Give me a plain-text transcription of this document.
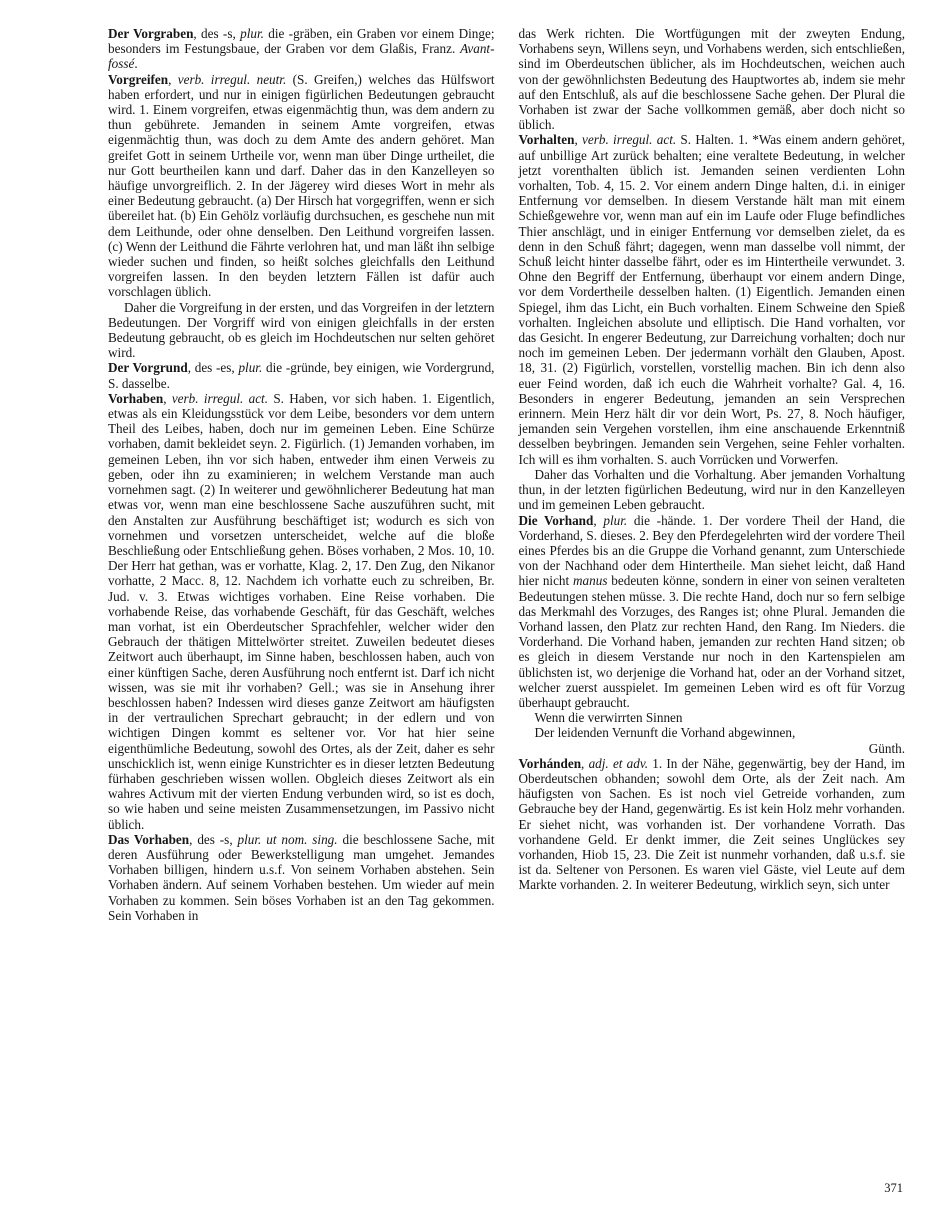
Der Vorgraben, des -s, plur. die -gräben, ein Graben vor einem Dinge; besonders im Festungsbaue, der Graben vor dem Glaßis, Franz. Avant-fossé.

Vorgreifen, verb. irregul. neutr. (S. Greifen,) welches das Hülfswort haben erfordert, und nur in einigen figürlichen Bedeutungen gebraucht wird. 1. Einem vorgreifen, etwas eigenmächtig thun, was dem andern zu thun gebührete. Jemanden in seinem Amte vorgreifen, etwas eigenmächtig thun, was doch zu dem Amte des andern gehöret. Man greifet Gott in seinem Urtheile vor, wenn man über Dinge urtheilet, die nur Gott beurtheilen kann und darf. Daher das in den Kanzelleyen so häufige unvorgreiflich. 2. In der Jägerey wird dieses Wort in mehr als einer Bedeutung gebraucht. (a) Der Hirsch hat vorgegriffen, wenn er sich übereilet hat. (b) Ein Gehölz vorläufig durchsuchen, es geschehe nun mit dem Leithunde, oder ohne denselben. Den Leithund vorgreifen lassen. (c) Wenn der Leithund die Fährte verlohren hat, und man läßt ihn selbige wieder suchen und finden, so heißt solches gleichfalls den Leithund vorgreifen lassen. In den beyden letztern Fällen ist dafür auch vorschlagen üblich.

Daher die Vorgreifung in der ersten, und das Vorgreifen in der letztern Bedeutungen. Der Vorgriff wird von einigen gleichfalls in der ersten Bedeutung gebraucht, ob es gleich im Hochdeutschen nur selten gehöret wird.

Der Vorgrund, des -es, plur. die -gründe, bey einigen, wie Vordergrund, S. dasselbe.

Vorhaben, verb. irregul. act. S. Haben, vor sich haben. 1. Eigentlich, etwas als ein Kleidungsstück vor dem Leibe, besonders vor dem untern Theil des Leibes, haben, doch nur im gemeinen Leben. Eine Schürze vorhaben, damit bekleidet seyn. 2. Figürlich. (1) Jemanden vorhaben, im gemeinen Leben, ihn vor sich haben, entweder ihm einen Verweis zu geben, oder ihn zu examinieren; in welchem Verstande man auch vornehmen sagt. (2) In weiterer und gewöhnlicherer Bedeutung hat man etwas vor, wenn man eine beschlossene Sache auszuführen sucht, mit den Anstalten zur Ausführung beschäftiget ist; wodurch es sich von vornehmen und vorsetzen unterscheidet, welche auf die bloße Beschließung oder Entschließung gehen. Böses vorhaben, 2 Mos. 10, 10. Der Herr hat gethan, was er vorhatte, Klag. 2, 17. Den Zug, den Nikanor vorhatte, 2 Macc. 8, 12. Nachdem ich vorhatte euch zu schreiben, Br. Jud. v. 3. Etwas wichtiges vorhaben. Eine Reise vorhaben. Die vorhabende Reise, das vorhabende Geschäft, für das Geschäft, welches man vorhat, ist ein Oberdeutscher Sprachfehler, welcher wider den Gebrauch der thätigen Mittelwörter streitet. Zuweilen bedeutet dieses Zeitwort auch überhaupt, im Sinne haben, beschlossen haben, auch von einer künftigen Sache, deren Ausführung noch entfernt ist. Darf ich nicht wissen, was sie mit ihr vorhaben? Gell.; was sie in Ansehung ihrer beschlossen haben? Indessen wird dieses ganze Zeitwort am häufigsten in der vertraulichen Sprechart gebraucht; in der edlern und von wichtigen Dingen kommt es seltener vor. Vor hat hier seine eigenthümliche Bedeutung, sowohl des Ortes, als der Zeit, daher es sehr unschicklich ist, wenn einige Kunstrichter es in dieser letzten Bedeutung fürhaben geschrieben wissen wollen. Obgleich dieses Zeitwort als ein wahres Activum mit der vierten Endung verbunden wird, so ist es doch, so wie haben und seine meisten Zusammensetzungen, im Passivo nicht üblich.

Das Vorhaben, des -s, plur. ut nom. sing. die beschlossene Sache, mit deren Ausführung oder Bewerkstelligung man umgehet. Jemandes Vorhaben billigen, hindern u.s.f. Von seinem Vorhaben abstehen. Sein Vorhaben ändern. Auf seinem Vorhaben bestehen. Um wieder auf mein Vorhaben zu kommen. Sein böses Vorhaben ist an den Tag gekommen. Sein Vorhaben in

das Werk richten. Die Wortfügungen mit der zweyten Endung, Vorhabens seyn, Willens seyn, und Vorhabens werden, sich entschließen, sind im Oberdeutschen üblicher, als im Hochdeutschen, weichen auch von der gewöhnlichsten Bedeutung des Hauptwortes ab, indem sie mehr auf den Entschluß, als auf die beschlossene Sache gehen. Der Plural die Vorhaben ist zwar der Sache vollkommen gemäß, aber doch nicht so üblich.

Vorhalten, verb. irregul. act. S. Halten. 1. *Was einem andern gehöret, auf unbillige Art zurück behalten; eine veraltete Bedeutung, in welcher jetzt vorenthalten üblich ist. Jemanden seinen verdienten Lohn vorhalten, Tob. 4, 15. 2. Vor einem andern Dinge halten, d.i. in einiger Entfernung vor demselben. In diesem Verstande hält man mit einem Schießgewehre vor, wenn man auf ein im Laufe oder Fluge befindliches Thier anschlägt, und in einiger Entfernung vor demselben zielet, da es denn in den Schuß fährt; dagegen, wenn man dasselbe voll nimmt, der Schuß leicht hinter dasselbe fährt, oder es im Hintertheile verwundet. 3. Ohne den Begriff der Entfernung, überhaupt vor einem andern Dinge, vor dem Vordertheile desselben halten. (1) Eigentlich. Jemanden einen Spiegel, ihm das Licht, ein Buch vorhalten. Einem Schweine den Spieß vorhalten. Ingleichen absolute und elliptisch. Die Hand vorhalten, vor das Gesicht. In engerer Bedeutung, zur Darreichung vorhalten; doch nur noch im gemeinen Leben. Der jedermann vorhält den Glauben, Apost. 18, 31. (2) Figürlich, vorstellen, vorstellig machen. Bin ich denn also euer Feind worden, daß ich euch die Wahrheit vorhalte? Gal. 4, 16. Besonders in engerer Bedeutung, jemanden an sein Versprechen erinnern. Mein Herz hält dir vor dein Wort, Ps. 27, 8. Noch häufiger, jemanden sein Vergehen vorstellen, ihm eine anschauende Erkenntniß desselben beybringen. Jemanden sein Vergehen, seine Fehler vorhalten. Ich will es ihm vorhalten. S. auch Vorrücken und Vorwerfen.

Daher das Vorhalten und die Vorhaltung. Aber jemanden Vorhaltung thun, in der letzten figürlichen Bedeutung, wird nur in den Kanzelleyen und im gemeinen Leben gebraucht.

Die Vorhand, plur. die -hände. 1. Der vordere Theil der Hand, die Vorderhand, S. dieses. 2. Bey den Pferdegelehrten wird der vordere Theil eines Pferdes bis an die Gruppe die Vorhand genannt, zum Unterschiede von der Nachhand oder dem Hintertheile. Man siehet leicht, daß Hand hier nicht manus bedeuten könne, sondern in einer von seinen veralteten Bedeutungen stehen müsse. 3. Die rechte Hand, doch nur so fern selbige das Merkmahl des Vorzuges, des Ranges ist; ohne Plural. Jemanden die Vorhand lassen, den Platz zur rechten Hand, den Rang. Im Nieders. die Vorderhand. Die Vorhand haben, jemanden zur rechten Hand sitzen; ob es gleich in diesem Verstande nur noch in den Kartenspielen am üblichsten ist, wo derjenige die Vorhand hat, oder an der Vorhand sitzet, welcher zuerst ausspielet. Im gemeinen Leben wird es oft für Vorzug überhaupt gebraucht.

Wenn die verwirrten Sinnen

Der leidenden Vernunft die Vorhand abgewinnen,

Günth.

Vorhánden, adj. et adv. 1. In der Nähe, gegenwärtig, bey der Hand, im Oberdeutschen obhanden; sowohl dem Orte, als der Zeit nach. Am häufigsten von Sachen. Es ist noch viel Getreide vorhanden, zum Gebrauche bey der Hand, gegenwärtig. Es ist kein Holz mehr vorhanden. Er siehet nicht, was vorhanden ist. Der vorhandene Vorrath. Das vorhandene Geld. Er denkt immer, die Zeit seines Unglückes sey vorhanden, Hiob 15, 23. Die Zeit ist nunmehr vorhanden, daß u.s.f. sie ist da. Seltener von Personen. Es waren viel Gäste, viel Leute auf dem Markte vorhanden. 2. In weiterer Bedeutung, wirklich seyn, sich unter

371
